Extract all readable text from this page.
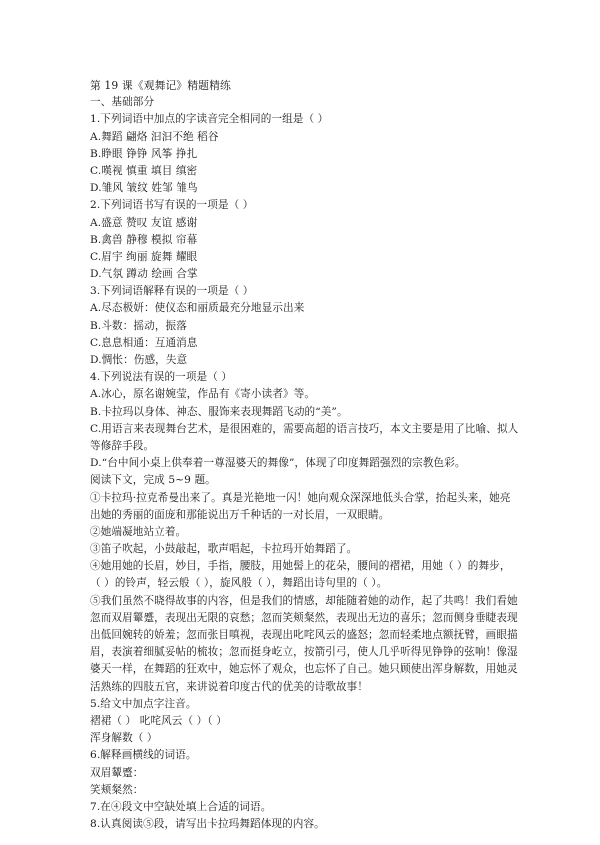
第 19 课《观舞记》精题精练
一、基础部分
1.下列词语中加点的字读音完全相同的一组是（ ）
A.舞蹈 翩烙 汩汩不绝 稻谷
B.睁眼 铮铮 风筝 挣扎
C.嘆视 慎重 填目 缜密
D.雏风 皱纹 姓邹 雏鸟
2.下列词语书写有误的一项是（ ）
A.盛意 赞叹 友谊 感谢
B.禽兽 静穆 模拟 帘幕
C.眉宇 绚丽 旋舞 耀眼
D.气氛 蹲动 绘画 合掌
3.下列词语解释有误的一项是（ ）
A.尽态极妍：使仪态和丽质最充分地显示出来
B.斗数：摇动，振落
C.息息相通：互通消息
D.惆怅：伤感，失意
4.下列说法有误的一项是（ ）
A.冰心，原名谢婉莹，作品有《寄小读者》等。
B.卡拉玛以身体、神态、服饰来表现舞蹈飞动的“美”。
C.用语言来表现舞台艺术，是很困难的，需要高超的语言技巧，本文主要是用了比喻、拟人
等修辞手段。
D.“台中间小桌上供奉着一尊湿婆天的舞像”，体现了印度舞蹈强烈的宗教色彩。
阅读下文，完成 5~9 题。
①卡拉玛·拉克希曼出来了。真是光艳地一闪！她向观众深深地低头合掌，抬起头来，她亮
出她的秀丽的面庞和那能说出万千种话的一对长眉，一双眼睛。
②她端凝地站立着。
③笛子吹起，小鼓敲起，歌声唱起，卡拉玛开始舞蹈了。
④她用她的长眉，妙目，手指，腰肢，用她髻上的花朵，腰间的褶裙，用她（ ）的舞步，
（ ）的铃声，轻云般（ ），旋风般（ ），舞蹈出诗句里的（ ）。
⑤我们虽然不晓得故事的内容，但是我们的情感，却能随着她的动作，起了共鸣！我们看她
忽而双眉颦蹙，表现出无限的哀愁；忽而笑颊粲然，表现出无边的喜乐；忽而侧身垂睫表现
出低回婉转的娇羞；忽而张目嗔视，表现出叱咤风云的盛怒；忽而轻柔地点额抚臂，画眼描
眉，表演着细腻妥帖的梳妆；忽而挺身屹立，按箭引弓，使人几乎听得见铮铮的弦响！像湿
婆天一样，在舞蹈的狂欢中，她忘怀了观众，也忘怀了自己。她只顾使出浑身解数，用她灵
活熟练的四肢五官，来讲说着印度古代的优美的诗歌故事！
5.给文中加点字注音。
褶裙（ ） 叱咤风云（ ）（ ）
浑身解数（ ）
6.解释画横线的词语。
双眉颦蹙：
笑颊粲然：
7.在④段文中空缺处填上合适的词语。
8.认真阅读⑤段，请写出卡拉玛舞蹈体现的内容。
